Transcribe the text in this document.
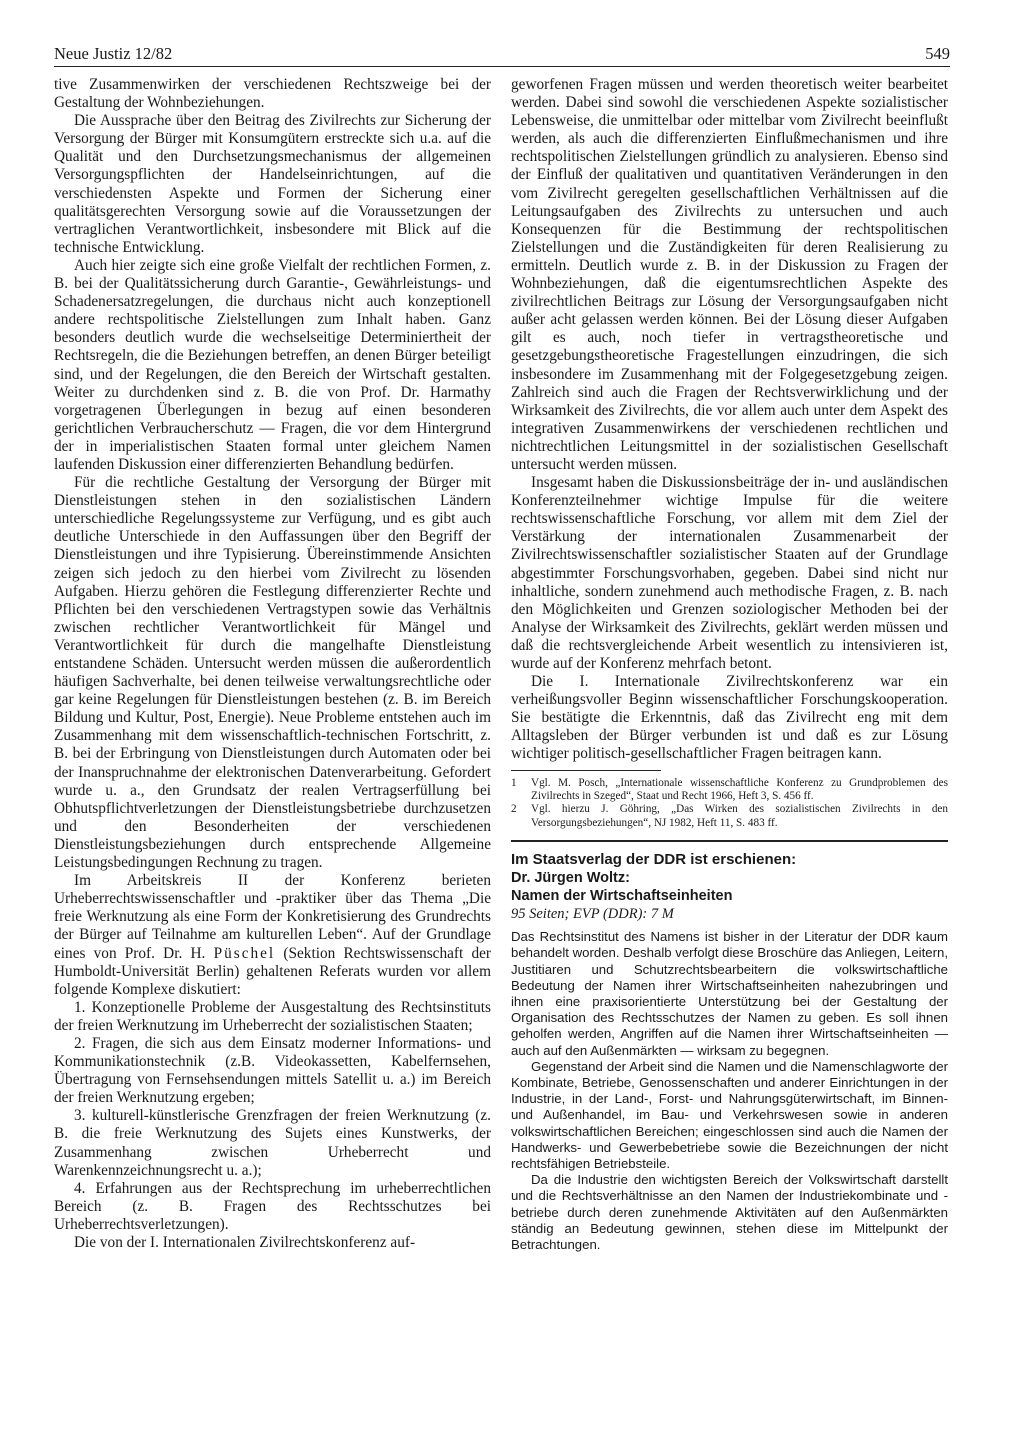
Neue Justiz 12/82	549

tive Zusammenwirken der verschiedenen Rechtszweige bei der Gestaltung der Wohnbeziehungen.

Die Aussprache über den Beitrag des Zivilrechts zur Sicherung der Versorgung der Bürger mit Konsumgütern erstreckte sich u.a. auf die Qualität und den Durchsetzungsmechanismus der allgemeinen Versorgungspflichten der Handelseinrichtungen, auf die verschiedensten Aspekte und Formen der Sicherung einer qualitätsgerechten Versorgung sowie auf die Voraussetzungen der vertraglichen Verantwortlichkeit, insbesondere mit Blick auf die technische Entwicklung.

Auch hier zeigte sich eine große Vielfalt der rechtlichen Formen, z. B. bei der Qualitätssicherung durch Garantie-, Gewährleistungs- und Schadenersatzregelungen, die durchaus nicht auch konzeptionell andere rechtspolitische Zielstellungen zum Inhalt haben. Ganz besonders deutlich wurde die wechselseitige Determiniertheit der Rechtsregeln, die die Beziehungen betreffen, an denen Bürger beteiligt sind, und der Regelungen, die den Bereich der Wirtschaft gestalten. Weiter zu durchdenken sind z. B. die von Prof. Dr. Harmathy vorgetragenen Überlegungen in bezug auf einen besonderen gerichtlichen Verbraucherschutz — Fragen, die vor dem Hintergrund der in imperialistischen Staaten formal unter gleichem Namen laufenden Diskussion einer differenzierten Behandlung bedürfen.

Für die rechtliche Gestaltung der Versorgung der Bürger mit Dienstleistungen stehen in den sozialistischen Ländern unterschiedliche Regelungssysteme zur Verfügung, und es gibt auch deutliche Unterschiede in den Auffassungen über den Begriff der Dienstleistungen und ihre Typisierung. Übereinstimmende Ansichten zeigen sich jedoch zu den hierbei vom Zivilrecht zu lösenden Aufgaben. Hierzu gehören die Festlegung differenzierter Rechte und Pflichten bei den verschiedenen Vertragstypen sowie das Verhältnis zwischen rechtlicher Verantwortlichkeit für Mängel und Verantwortlichkeit für durch die mangelhafte Dienstleistung entstandene Schäden. Untersucht werden müssen die außerordentlich häufigen Sachverhalte, bei denen teilweise verwaltungsrechtliche oder gar keine Regelungen für Dienstleistungen bestehen (z. B. im Bereich Bildung und Kultur, Post, Energie). Neue Probleme entstehen auch im Zusammenhang mit dem wissenschaftlich-technischen Fortschritt, z. B. bei der Erbringung von Dienstleistungen durch Automaten oder bei der Inanspruchnahme der elektronischen Datenverarbeitung. Gefordert wurde u. a., den Grundsatz der realen Vertragserfüllung bei Obhutspflichtverletzungen der Dienstleistungsbetriebe durchzusetzen und den Besonderheiten der verschiedenen Dienstleistungsbeziehungen durch entsprechende Allgemeine Leistungsbedingungen Rechnung zu tragen.

Im Arbeitskreis II der Konferenz berieten Urheberrechtswissenschaftler und -praktiker über das Thema „Die freie Werknutzung als eine Form der Konkretisierung des Grundrechts der Bürger auf Teilnahme am kulturellen Leben“. Auf der Grundlage eines von Prof. Dr. H. Püschel (Sektion Rechtswissenschaft der Humboldt-Universität Berlin) gehaltenen Referats wurden vor allem folgende Komplexe diskutiert:

1. Konzeptionelle Probleme der Ausgestaltung des Rechtsinstituts der freien Werknutzung im Urheberrecht der sozialistischen Staaten;

2. Fragen, die sich aus dem Einsatz moderner Informations- und Kommunikationstechnik (z.B. Videokassetten, Kabelfernsehen, Übertragung von Fernsehsendungen mittels Satellit u. a.) im Bereich der freien Werknutzung ergeben;

3. kulturell-künstlerische Grenzfragen der freien Werknutzung (z. B. die freie Werknutzung des Sujets eines Kunstwerks, der Zusammenhang zwischen Urheberrecht und Warenkennzeichnungsrecht u. a.);

4. Erfahrungen aus der Rechtsprechung im urheberrechtlichen Bereich (z. B. Fragen des Rechtsschutzes bei Urheberrechtsverletzungen).

Die von der I. Internationalen Zivilrechtskonferenz auf-

geworfenen Fragen müssen und werden theoretisch weiter bearbeitet werden. Dabei sind sowohl die verschiedenen Aspekte sozialistischer Lebensweise, die unmittelbar oder mittelbar vom Zivilrecht beeinflußt werden, als auch die differenzierten Einflußmechanismen und ihre rechtspolitischen Zielstellungen gründlich zu analysieren. Ebenso sind der Einfluß der qualitativen und quantitativen Veränderungen in den vom Zivilrecht geregelten gesellschaftlichen Verhältnissen auf die Leitungsaufgaben des Zivilrechts zu untersuchen und auch Konsequenzen für die Bestimmung der rechtspolitischen Zielstellungen und die Zuständigkeiten für deren Realisierung zu ermitteln. Deutlich wurde z. B. in der Diskussion zu Fragen der Wohnbeziehungen, daß die eigentumsrechtlichen Aspekte des zivilrechtlichen Beitrags zur Lösung der Versorgungsaufgaben nicht außer acht gelassen werden können. Bei der Lösung dieser Aufgaben gilt es auch, noch tiefer in vertragstheoretische und gesetzgebungstheoretische Fragestellungen einzudringen, die sich insbesondere im Zusammenhang mit der Folgegesetzgebung zeigen. Zahlreich sind auch die Fragen der Rechtsverwirklichung und der Wirksamkeit des Zivilrechts, die vor allem auch unter dem Aspekt des integrativen Zusammenwirkens der verschiedenen rechtlichen und nichtrechtlichen Leitungsmittel in der sozialistischen Gesellschaft untersucht werden müssen.

Insgesamt haben die Diskussionsbeiträge der in- und ausländischen Konferenzteilnehmer wichtige Impulse für die weitere rechtswissenschaftliche Forschung, vor allem mit dem Ziel der Verstärkung der internationalen Zusammenarbeit der Zivilrechtswissenschaftler sozialistischer Staaten auf der Grundlage abgestimmter Forschungsvorhaben, gegeben. Dabei sind nicht nur inhaltliche, sondern zunehmend auch methodische Fragen, z. B. nach den Möglichkeiten und Grenzen soziologischer Methoden bei der Analyse der Wirksamkeit des Zivilrechts, geklärt werden müssen und daß die rechtsvergleichende Arbeit wesentlich zu intensivieren ist, wurde auf der Konferenz mehrfach betont.

Die I. Internationale Zivilrechtskonferenz war ein verheißungsvoller Beginn wissenschaftlicher Forschungskooperation. Sie bestätigte die Erkenntnis, daß das Zivilrecht eng mit dem Alltagsleben der Bürger verbunden ist und daß es zur Lösung wichtiger politisch-gesellschaftlicher Fragen beitragen kann.

1 Vgl. M. Posch, „Internationale wissenschaftliche Konferenz zu Grundproblemen des Zivilrechts in Szeged“, Staat und Recht 1966, Heft 3, S. 456 ff.
2 Vgl. hierzu J. Göhring, „Das Wirken des sozialistischen Zivilrechts in den Versorgungsbeziehungen“, NJ 1982, Heft 11, S. 483 ff.
Im Staatsverlag der DDR ist erschienen:
Dr. Jürgen Woltz:
Namen der Wirtschaftseinheiten
95 Seiten; EVP (DDR): 7 M

Das Rechtsinstitut des Namens ist bisher in der Literatur der DDR kaum behandelt worden. Deshalb verfolgt diese Broschüre das Anliegen, Leitern, Justitiaren und Schutzrechtsbearbeitern die volkswirtschaftliche Bedeutung der Namen ihrer Wirtschaftseinheiten nahezubringen und ihnen eine praxisorientierte Unterstützung bei der Gestaltung der Organisation des Rechtsschutzes der Namen zu geben. Es soll ihnen geholfen werden, Angriffen auf die Namen ihrer Wirtschaftseinheiten — auch auf den Außenmärkten — wirksam zu begegnen.

Gegenstand der Arbeit sind die Namen und die Namenschlagworte der Kombinate, Betriebe, Genossenschaften und anderer Einrichtungen in der Industrie, in der Land-, Forst- und Nahrungsgüterwirtschaft, im Binnen- und Außenhandel, im Bau- und Verkehrswesen sowie in anderen volkswirtschaftlichen Bereichen; eingeschlossen sind auch die Namen der Handwerks- und Gewerbebetriebe sowie die Bezeichnungen der nicht rechtsfähigen Betriebsteile.

Da die Industrie den wichtigsten Bereich der Volkswirtschaft darstellt und die Rechtsverhältnisse an den Namen der Industriekombinate und -betriebe durch deren zunehmende Aktivitäten auf den Außenmärkten ständig an Bedeutung gewinnen, stehen diese im Mittelpunkt der Betrachtungen.
